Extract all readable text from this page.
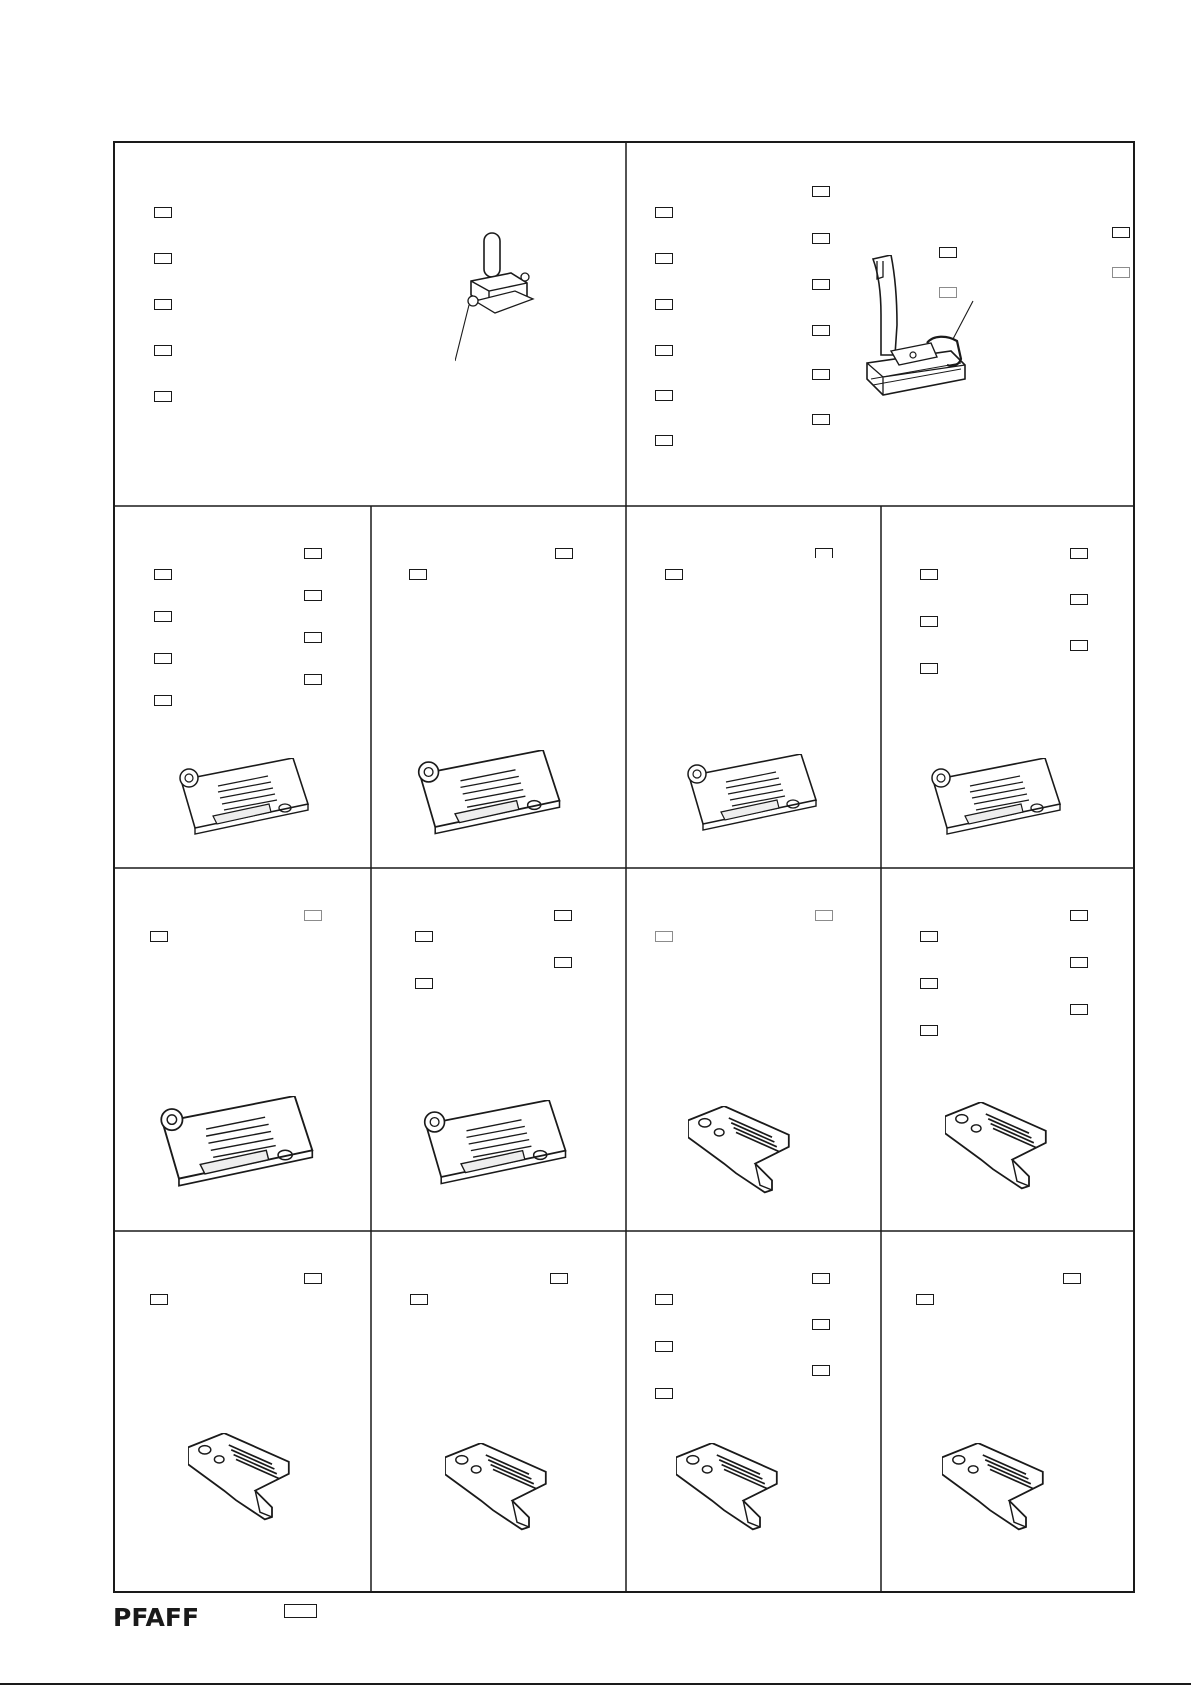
PFAFF
